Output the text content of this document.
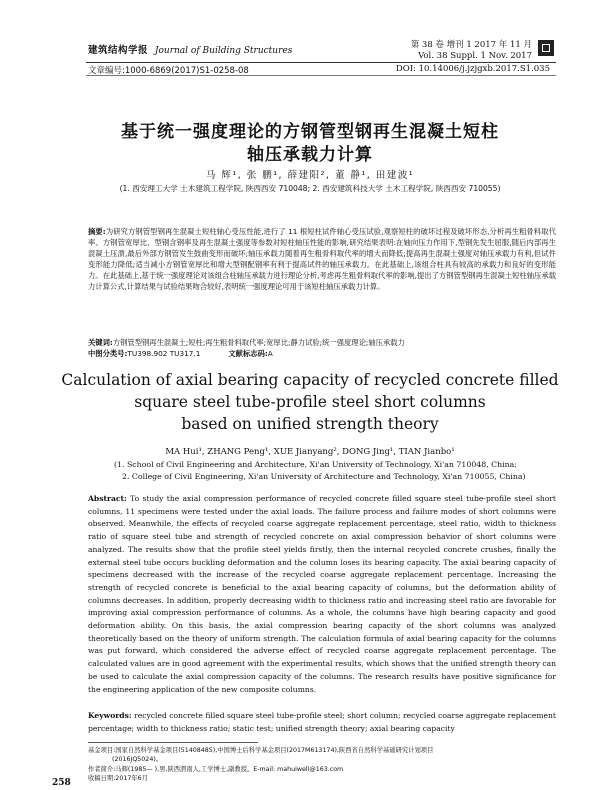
建筑结构学报 Journal of Building Structures
第 38 卷 增刊 1 2017 年 11 月
Vol. 38 Suppl. 1 Nov. 2017
文章编号:1000-6869(2017)S1-0258-08	DOI: 10.14006/j.jzjgxb.2017.S1.035
基于统一强度理论的方钢管型钢再生混凝土短柱
轴压承载力计算
马 辉¹, 张 鹏¹, 薛建阳², 董 静¹, 田建波¹
(1. 西安理工大学 土木建筑工程学院, 陕西西安 710048; 2. 西安建筑科技大学 土木工程学院, 陕西西安 710055)
摘要:为研究方钢管型钢再生混凝土短柱轴心受压性能,进行了 11 根短柱试件轴心受压试验,观察短柱的破坏过程及破坏形态,分析再生粗骨料取代率、方钢管宽厚比、型钢含钢率及再生混凝土强度等参数对短柱轴压性能的影响,研究结果表明:在轴向压力作用下,型钢先发生屈服,随后内部再生混凝土压溃,最后外部方钢管发生鼓曲变形而破坏;轴压承载力随着再生粗骨料取代率的增大而降低;提高再生混凝土强度对轴压承载力有利,但试件变形能力降低;适当减小方钢管宽厚比和增大型钢配钢率有利于提高试件的轴压承载力。在此基础上,该组合柱具有较高的承载力和良好的变形能力。在此基础上,基于统一强度理论对该组合柱轴压承载力进行理论分析,考虑再生粗骨料取代率的影响,提出了方钢管型钢再生混凝土短柱轴压承载力计算公式,计算结果与试验结果吻合较好,表明统一强度理论可用于该短柱轴压承载力计算。
关键词:方钢管型钢再生混凝土;短柱;再生粗骨料取代率;宽厚比;静力试验;统一强度理论;轴压承载力
中图分类号:TU398.902 TU317.1	文献标志码:A
Calculation of axial bearing capacity of recycled concrete filled
square steel tube-profile steel short columns
based on unified strength theory
MA Hui¹, ZHANG Peng¹, XUE Jianyang², DONG Jing¹, TIAN Jianbo¹
(1. School of Civil Engineering and Architecture, Xi'an University of Technology, Xi'an 710048, China;
2. College of Civil Engineering, Xi'an University of Architecture and Technology, Xi'an 710055, China)
Abstract: To study the axial compression performance of recycled concrete filled square steel tube-profile steel short columns, 11 specimens were tested under the axial loads. The failure process and failure modes of short columns were observed. Meanwhile, the effects of recycled coarse aggregate replacement percentage, steel ratio, width to thickness ratio of square steel tube and strength of recycled concrete on axial compression behavior of short columns were analyzed. The results show that the profile steel yields firstly, then the internal recycled concrete crushes, finally the external steel tube occurs buckling deformation and the column loses its bearing capacity. The axial bearing capacity of specimens decreased with the increase of the recycled coarse aggregate replacement percentage. Increasing the strength of recycled concrete is beneficial to the axial bearing capacity of columns, but the deformation ability of columns decreases. In addition, properly decreasing width to thickness ratio and increasing steel ratio are favorable for improving axial compression performance of columns. As a whole, the columns have high bearing capacity and good deformation ability. On this basis, the axial compression bearing capacity of the short columns was analyzed theoretically based on the theory of uniform strength. The calculation formula of axial bearing capacity for the columns was put forward, which considered the adverse effect of recycled coarse aggregate replacement percentage. The calculated values are in good agreement with the experimental results, which shows that the unified strength theory can be used to calculate the axial compression capacity of the columns. The research results have positive significance for the engineering application of the new composite columns.
Keywords: recycled concrete filled square steel tube-profile steel; short column; recycled coarse aggregate replacement percentage; width to thickness ratio; static test; unified strength theory; axial bearing capacity
基金项目:国家自然科学基金项目(51408485),中国博士后科学基金项目(2017M613174),陕西省自然科学基础研究计划项目
(2016JQ5024)。
作者简介:马辉(1985— ),男,陕西渭南人,工学博士,副教授。E-mail: mahuiwell@163.com
收稿日期:2017年6月
258
